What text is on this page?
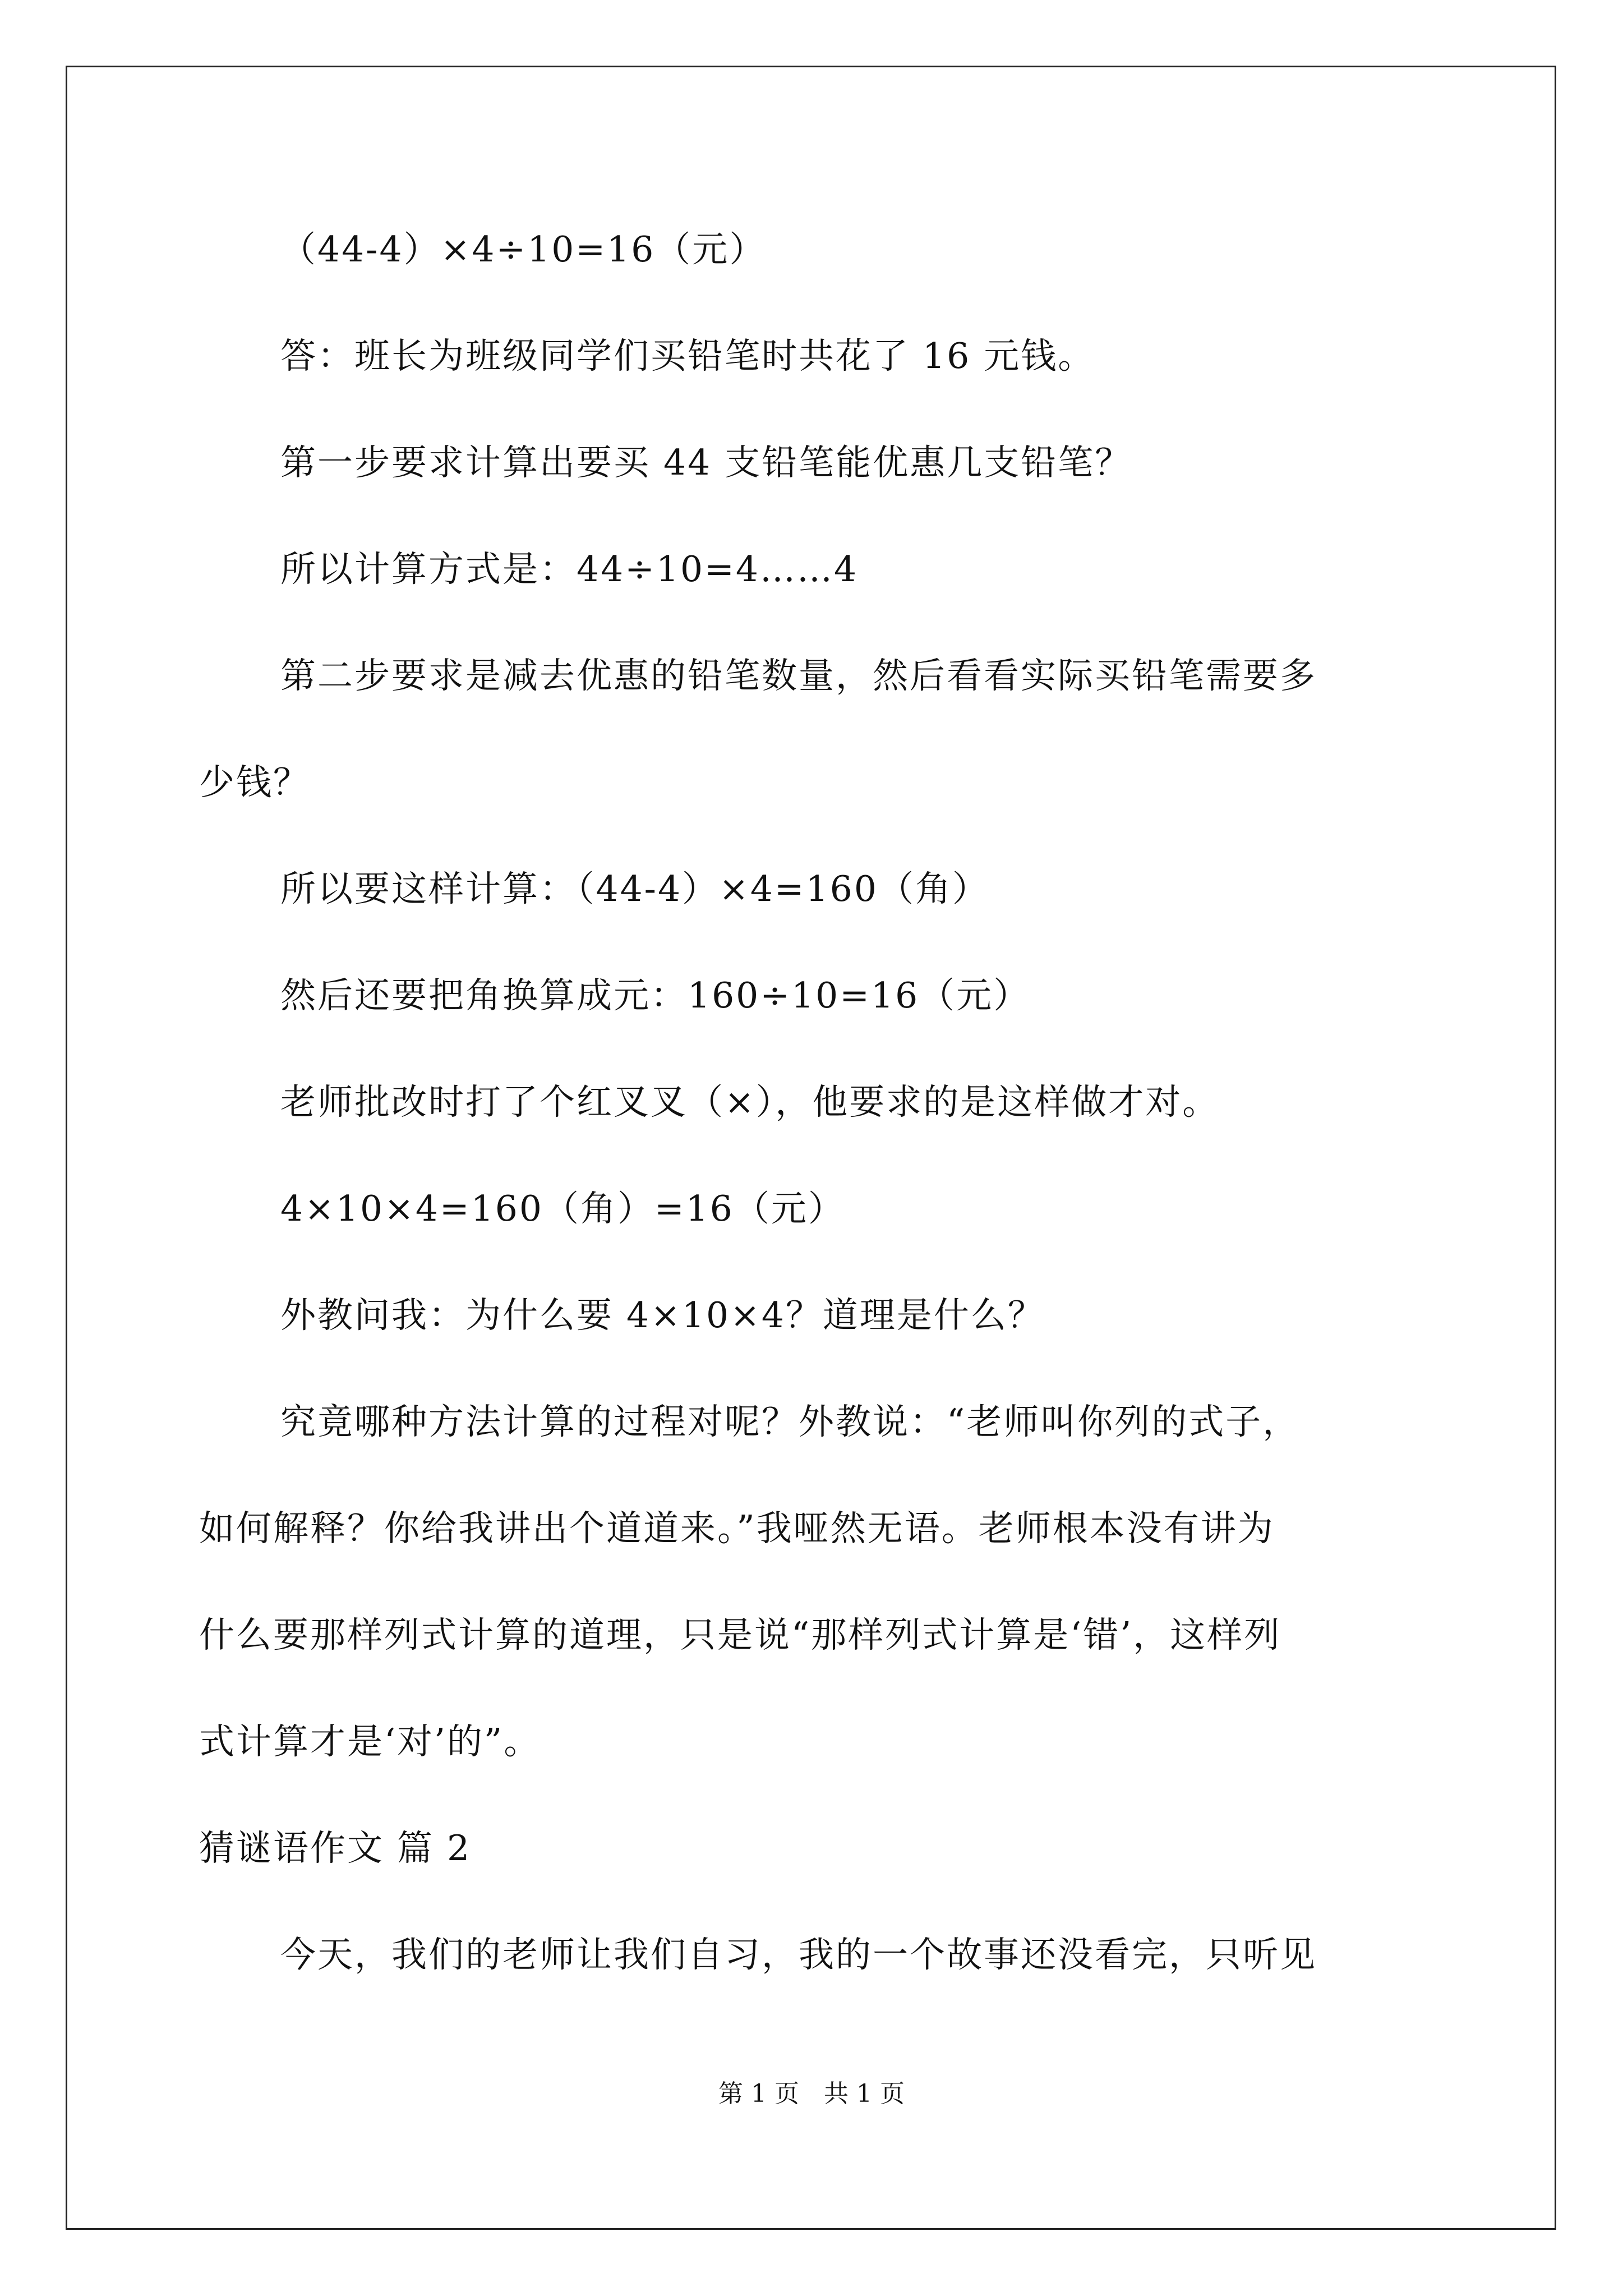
（44-4）×4÷10=16（元）
答：班长为班级同学们买铅笔时共花了 16 元钱。
第一步要求计算出要买 44 支铅笔能优惠几支铅笔？
所以计算方式是：44÷10=4……4
第二步要求是减去优惠的铅笔数量，然后看看实际买铅笔需要多
少钱？
所以要这样计算：（44-4）×4=160（角）
然后还要把角换算成元：160÷10=16（元）
老师批改时打了个红叉叉（×），他要求的是这样做才对。
4×10×4=160（角）=16（元）
外教问我：为什么要 4×10×4？道理是什么？
究竟哪种方法计算的过程对呢？外教说：“老师叫你列的式子，
如何解释？你给我讲出个道道来。”我哑然无语。老师根本没有讲为
什么要那样列式计算的道理，只是说“那样列式计算是‘错’，这样列
式计算才是‘对’的”。
猜谜语作文 篇 2
今天，我们的老师让我们自习，我的一个故事还没看完，只听见
第 1 页　共 1 页
